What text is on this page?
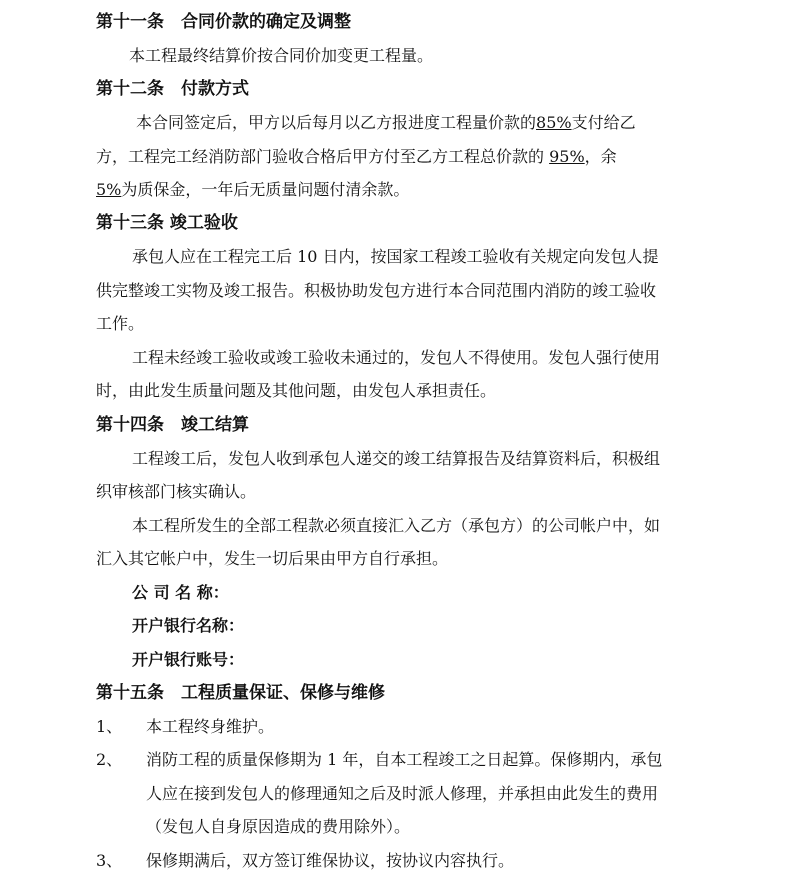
第十一条　合同价款的确定及调整
本工程最终结算价按合同价加变更工程量。
第十二条　付款方式
本合同签定后，甲方以后每月以乙方报进度工程量价款的85%支付给乙
方，工程完工经消防部门验收合格后甲方付至乙方工程总价款的 95%，余
5%为质保金，一年后无质量问题付清余款。
第十三条 竣工验收
承包人应在工程完工后 10 日内，按国家工程竣工验收有关规定向发包人提
供完整竣工实物及竣工报告。积极协助发包方进行本合同范围内消防的竣工验收
工作。
工程未经竣工验收或竣工验收未通过的，发包人不得使用。发包人强行使用
时，由此发生质量问题及其他问题，由发包人承担责任。
第十四条　竣工结算
工程竣工后，发包人收到承包人递交的竣工结算报告及结算资料后，积极组
织审核部门核实确认。
本工程所发生的全部工程款必须直接汇入乙方（承包方）的公司帐户中，如
汇入其它帐户中，发生一切后果由甲方自行承担。
公 司 名 称：
开户银行名称：
开户银行账号：
第十五条　工程质量保证、保修与维修
1、 本工程终身维护。
2、 消防工程的质量保修期为 1 年，自本工程竣工之日起算。保修期内，承包
人应在接到发包人的修理通知之后及时派人修理，并承担由此发生的费用
（发包人自身原因造成的费用除外）。
3、 保修期满后，双方签订维保协议，按协议内容执行。
